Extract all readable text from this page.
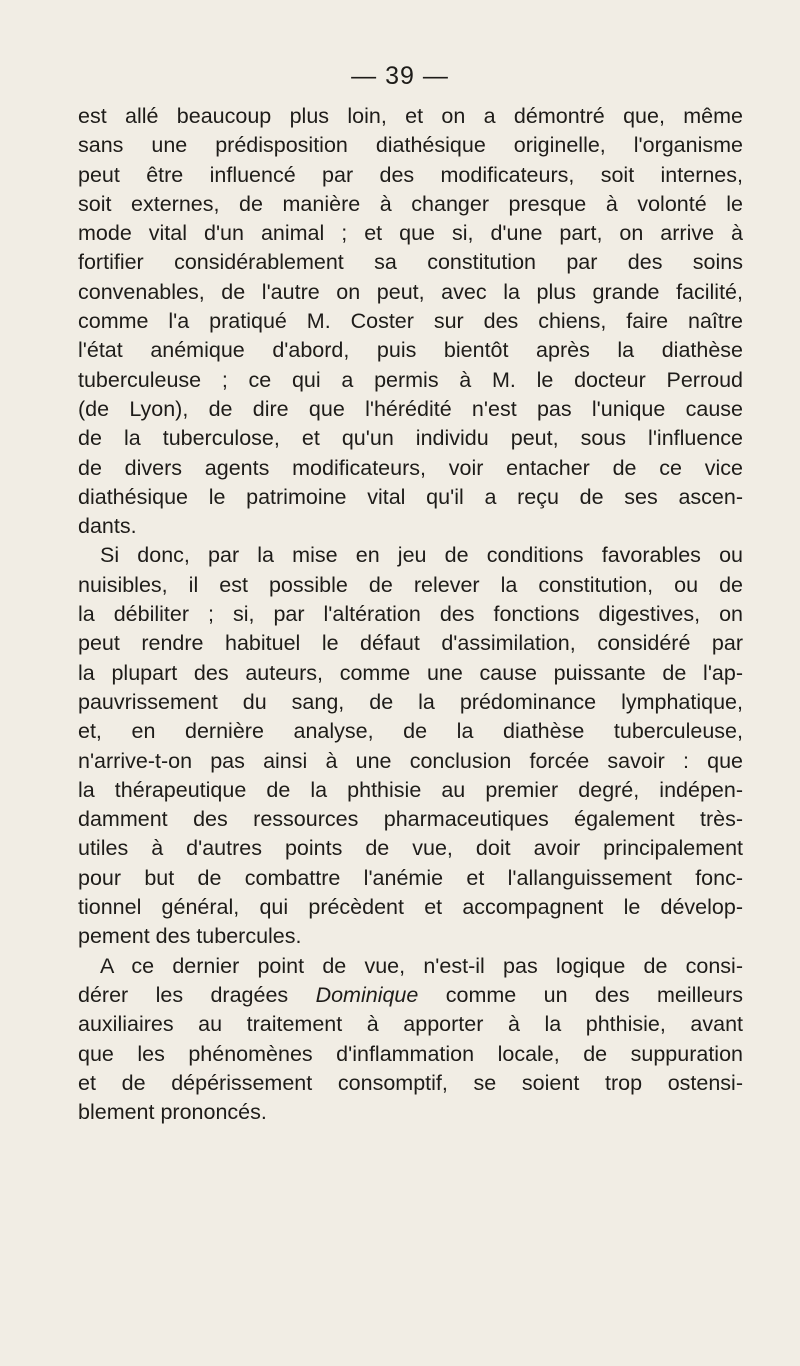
— 39 —
est allé beaucoup plus loin, et on a démontré que, même
sans une prédisposition diathésique originelle, l'organisme
peut être influencé par des modificateurs, soit internes,
soit externes, de manière à changer presque à volonté le
mode vital d'un animal ; et que si, d'une part, on arrive à
fortifier considérablement sa constitution par des soins
convenables, de l'autre on peut, avec la plus grande facilité,
comme l'a pratiqué M. Coster sur des chiens, faire naître
l'état anémique d'abord, puis bientôt après la diathèse
tuberculeuse ; ce qui a permis à M. le docteur Perroud
(de Lyon), de dire que l'hérédité n'est pas l'unique cause
de la tuberculose, et qu'un individu peut, sous l'influence
de divers agents modificateurs, voir entacher de ce vice
diathésique le patrimoine vital qu'il a reçu de ses ascen-
dants.
Si donc, par la mise en jeu de conditions favorables ou
nuisibles, il est possible de relever la constitution, ou de
la débiliter ; si, par l'altération des fonctions digestives, on
peut rendre habituel le défaut d'assimilation, considéré par
la plupart des auteurs, comme une cause puissante de l'ap-
pauvrissement du sang, de la prédominance lymphatique,
et, en dernière analyse, de la diathèse tuberculeuse,
n'arrive-t-on pas ainsi à une conclusion forcée savoir : que
la thérapeutique de la phthisie au premier degré, indépen-
damment des ressources pharmaceutiques également très-
utiles à d'autres points de vue, doit avoir principalement
pour but de combattre l'anémie et l'allanguissement fonc-
tionnel général, qui précèdent et accompagnent le dévelop-
pement des tubercules.
A ce dernier point de vue, n'est-il pas logique de consi-
dérer les dragées Dominique comme un des meilleurs
auxiliaires au traitement à apporter à la phthisie, avant
que les phénomènes d'inflammation locale, de suppuration
et de dépérissement consomptif, se soient trop ostensi-
blement prononcés.
